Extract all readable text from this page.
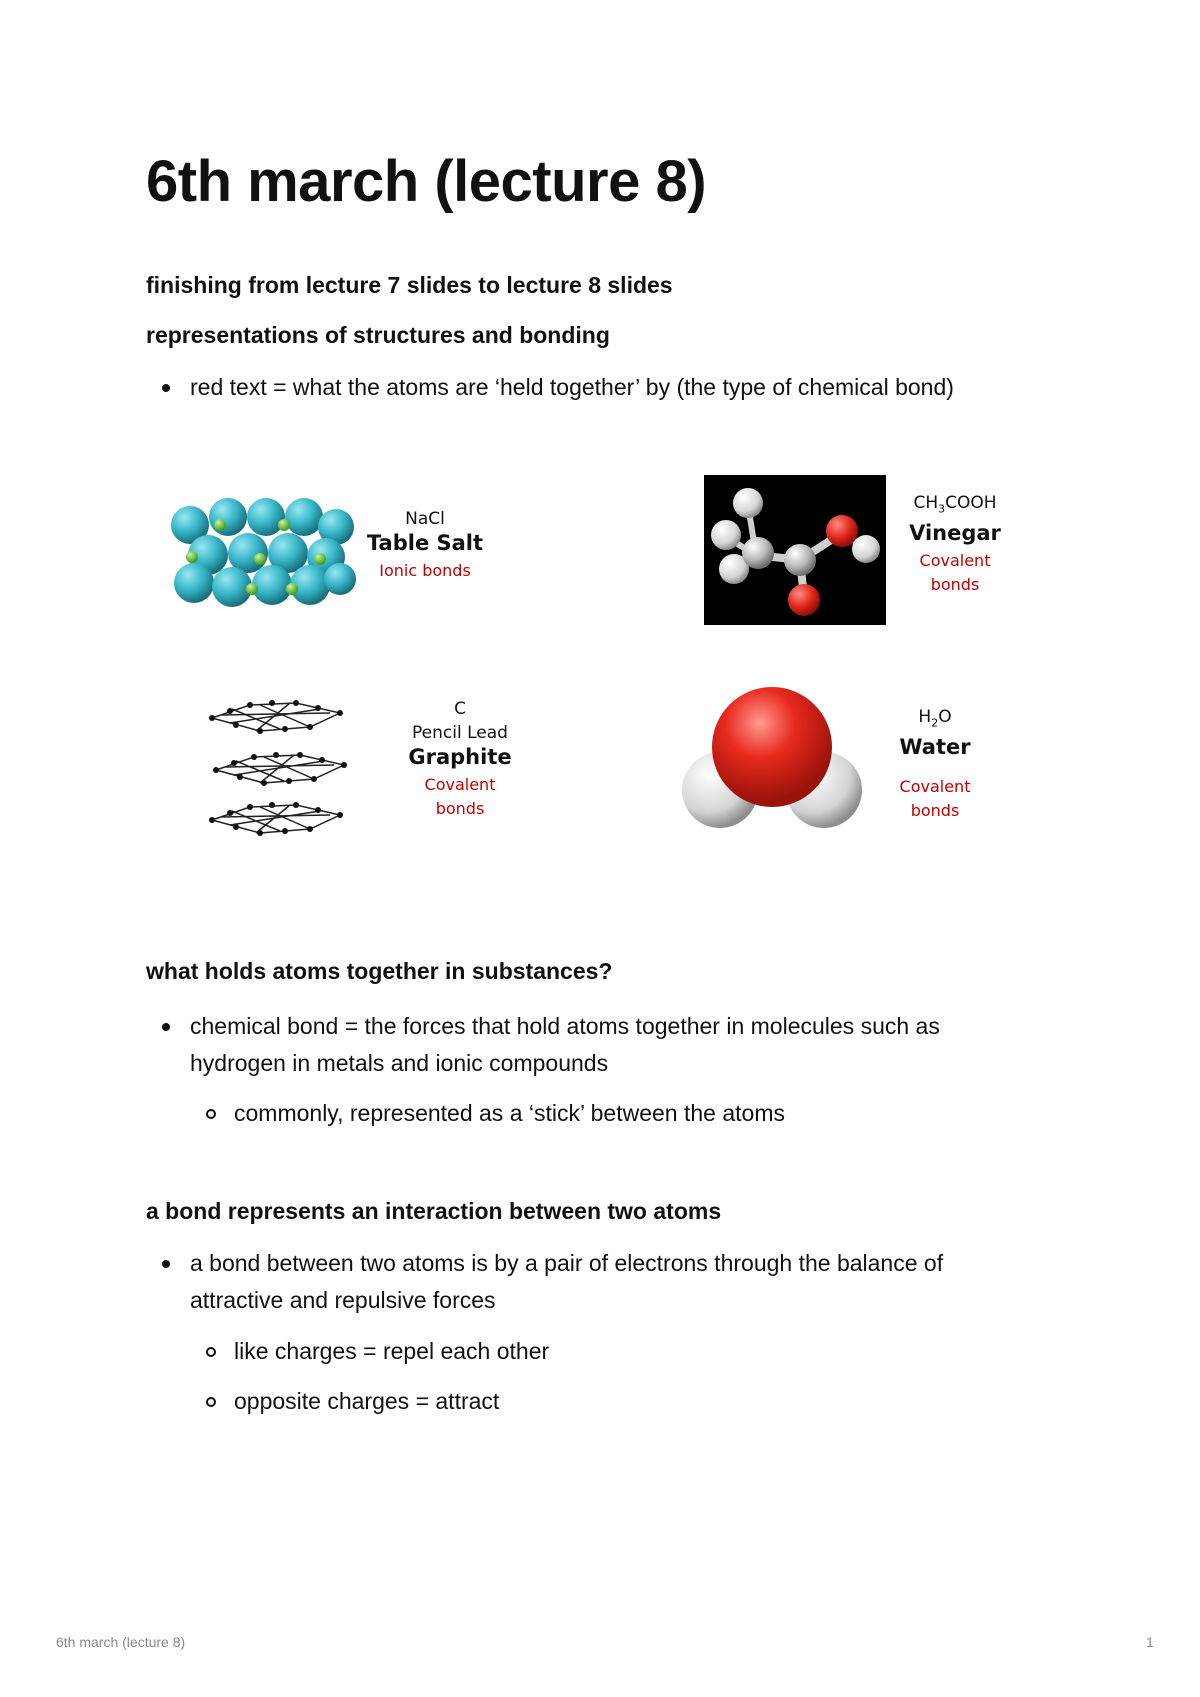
6th march (lecture 8)

finishing from lecture 7 slides to lecture 8 slides

representations of structures and bonding

red text = what the atoms are ‘held together’ by (the type of chemical bond)
NaCl
Table Salt
Ionic bonds
$CH_3COOH$
Vinegar
Covalent
bonds
C
Pencil Lead
Graphite
Covalent
bonds
$H_2O$
Water
Covalent
bonds

what holds atoms together in substances?

chemical bond = the forces that hold atoms together in molecules such as
hydrogen in metals and ionic compounds
commonly, represented as a ‘stick’ between the atoms

a bond represents an interaction between two atoms

a bond between two atoms is by a pair of electrons through the balance of
attractive and repulsive forces
like charges = repel each other
opposite charges = attract
6th march (lecture 8)	1
